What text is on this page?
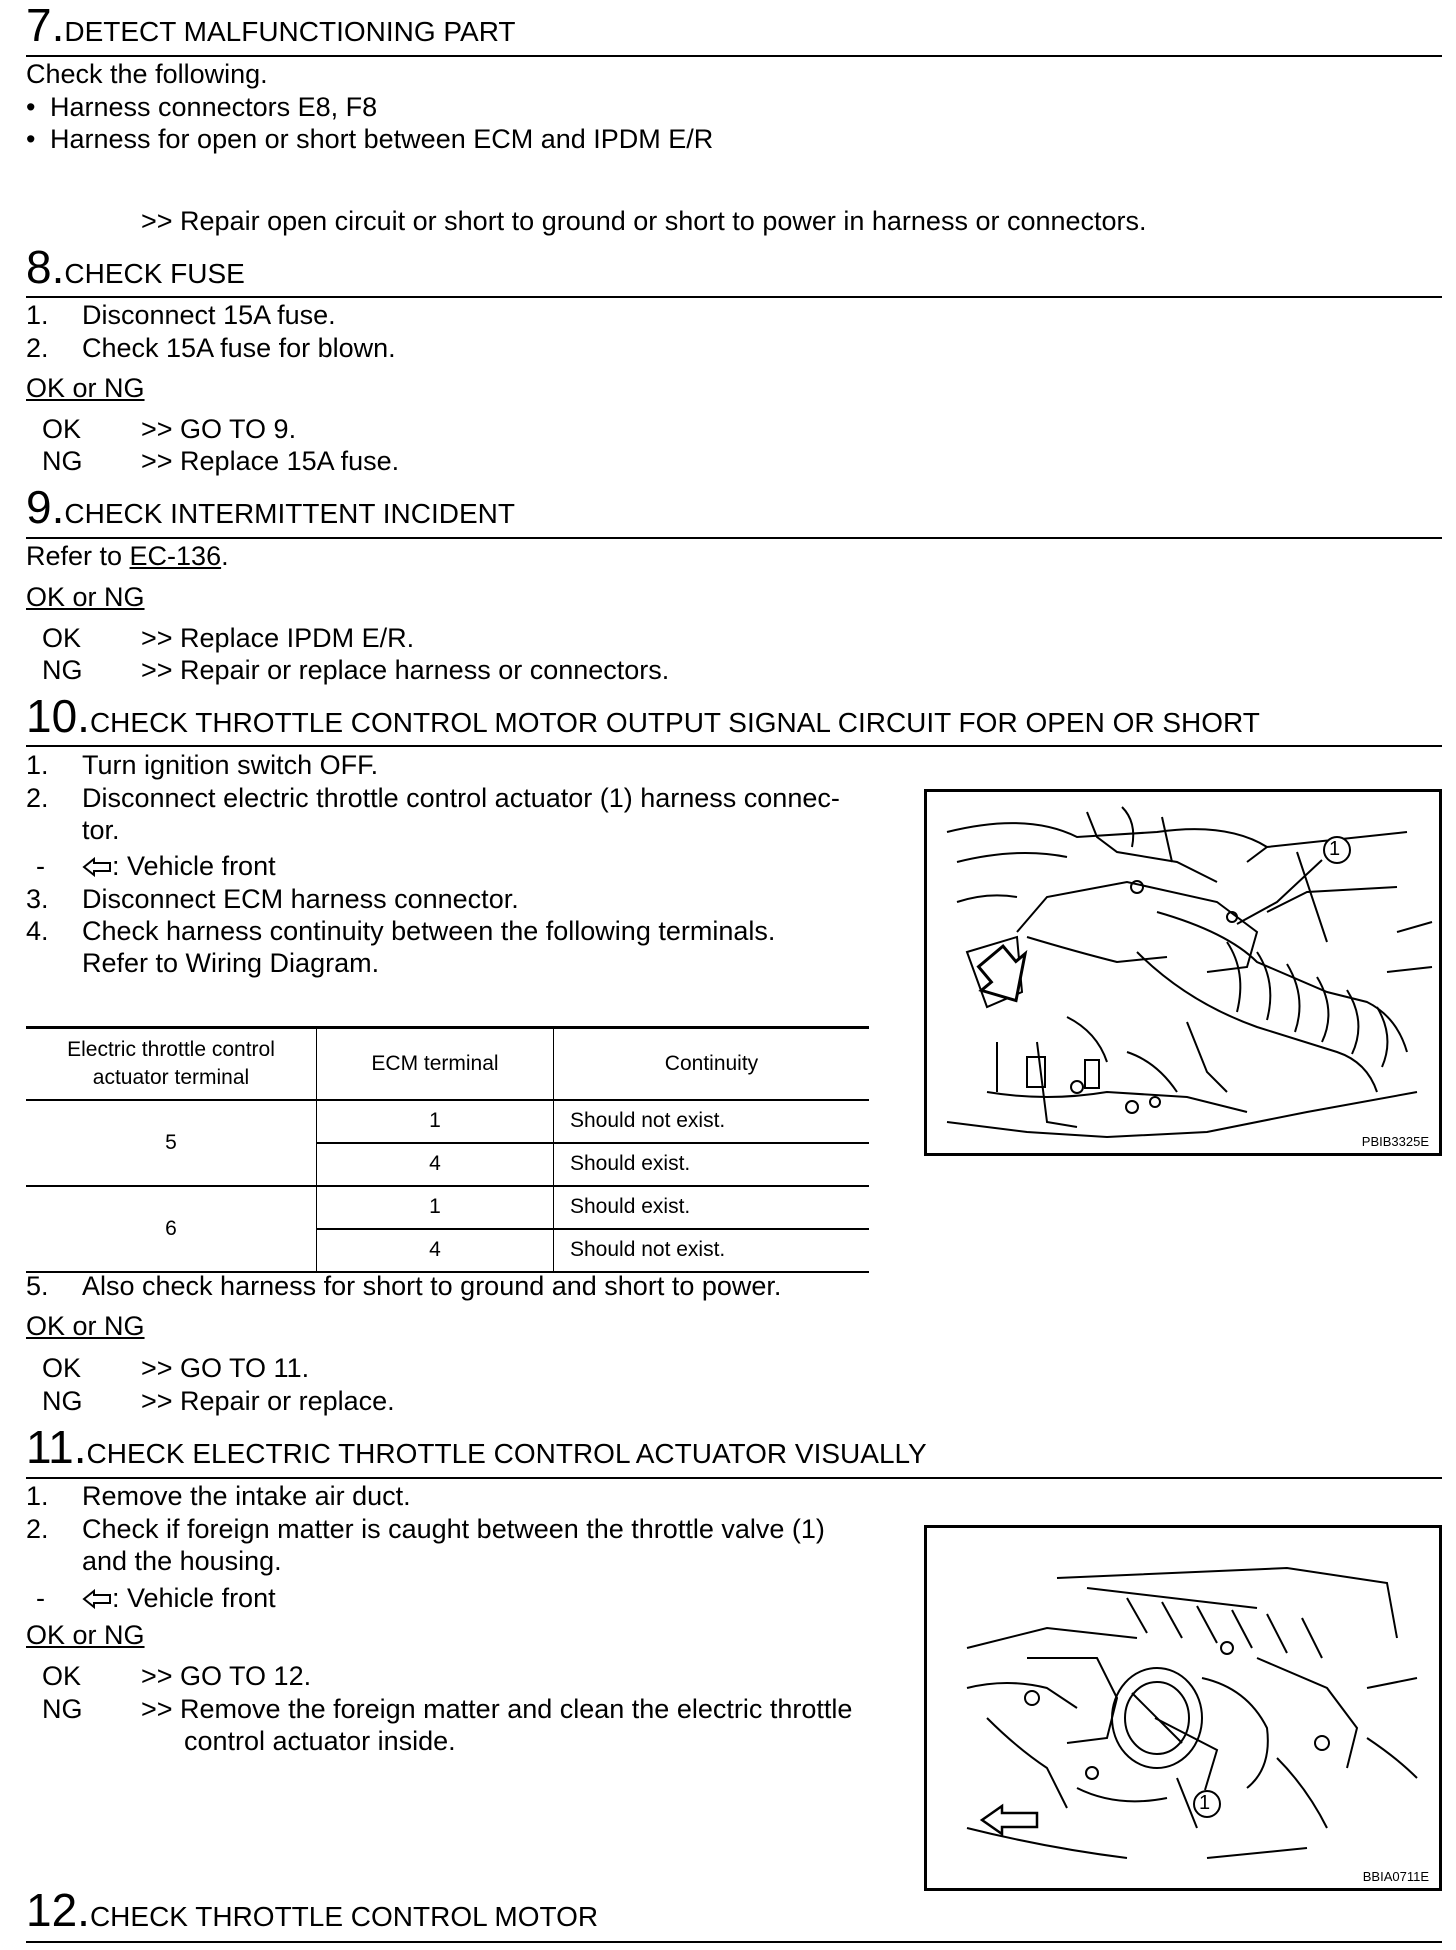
7.DETECT MALFUNCTIONING PART
Check the following.
• Harness connectors E8, F8
• Harness for open or short between ECM and IPDM E/R
>> Repair open circuit or short to ground or short to power in harness or connectors.
8.CHECK FUSE
1. Disconnect 15A fuse.
2. Check 15A fuse for blown.
OK or NG
OK >> GO TO 9.
NG >> Replace 15A fuse.
9.CHECK INTERMITTENT INCIDENT
Refer to EC-136.
OK or NG
OK >> Replace IPDM E/R.
NG >> Repair or replace harness or connectors.
10.CHECK THROTTLE CONTROL MOTOR OUTPUT SIGNAL CIRCUIT FOR OPEN OR SHORT
1. Turn ignition switch OFF.
2. Disconnect electric throttle control actuator (1) harness connec-
tor.
-	: Vehicle front
3. Disconnect ECM harness connector.
4. Check harness continuity between the following terminals.
Refer to Wiring Diagram.
Electric throttle control
actuator terminal	ECM terminal	Continuity
5	1	Should not exist.
	4	Should exist.
6	1	Should exist.
	4	Should not exist.
1
PBIB3325E
5. Also check harness for short to ground and short to power.
OK or NG
OK >> GO TO 11.
NG >> Repair or replace.
11.CHECK ELECTRIC THROTTLE CONTROL ACTUATOR VISUALLY
1. Remove the intake air duct.
2. Check if foreign matter is caught between the throttle valve (1)
and the housing.
-	: Vehicle front
OK or NG
OK >> GO TO 12.
NG >> Remove the foreign matter and clean the electric throttle
control actuator inside.
1
BBIA0711E
12.CHECK THROTTLE CONTROL MOTOR
